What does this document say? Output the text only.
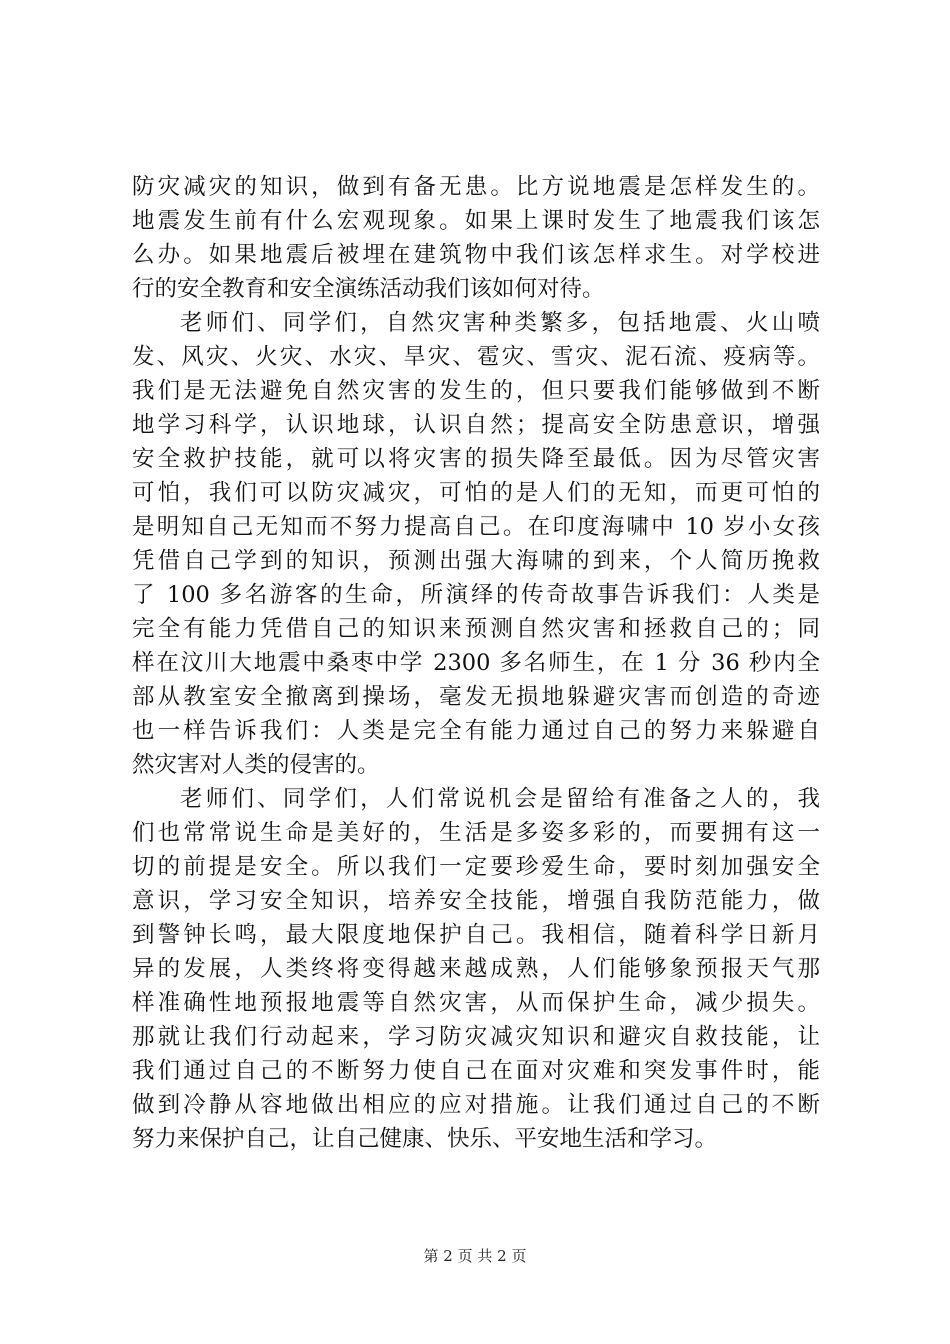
防灾减灾的知识，做到有备无患。比方说地震是怎样发生的。
地震发生前有什么宏观现象。如果上课时发生了地震我们该怎
么办。如果地震后被埋在建筑物中我们该怎样求生。对学校进
行的安全教育和安全演练活动我们该如何对待。
老师们、同学们，自然灾害种类繁多，包括地震、火山喷
发、风灾、火灾、水灾、旱灾、雹灾、雪灾、泥石流、疫病等。
我们是无法避免自然灾害的发生的，但只要我们能够做到不断
地学习科学，认识地球，认识自然；提高安全防患意识，增强
安全救护技能，就可以将灾害的损失降至最低。因为尽管灾害
可怕，我们可以防灾减灾，可怕的是人们的无知，而更可怕的
是明知自己无知而不努力提高自己。在印度海啸中 10 岁小女孩
凭借自己学到的知识，预测出强大海啸的到来，个人简历挽救
了 100 多名游客的生命，所演绎的传奇故事告诉我们：人类是
完全有能力凭借自己的知识来预测自然灾害和拯救自己的；同
样在汶川大地震中桑枣中学 2300 多名师生，在 1 分 36 秒内全
部从教室安全撤离到操场，毫发无损地躲避灾害而创造的奇迹
也一样告诉我们：人类是完全有能力通过自己的努力来躲避自
然灾害对人类的侵害的。
老师们、同学们，人们常说机会是留给有准备之人的，我
们也常常说生命是美好的，生活是多姿多彩的，而要拥有这一
切的前提是安全。所以我们一定要珍爱生命，要时刻加强安全
意识，学习安全知识，培养安全技能，增强自我防范能力，做
到警钟长鸣，最大限度地保护自己。我相信，随着科学日新月
异的发展，人类终将变得越来越成熟，人们能够象预报天气那
样准确性地预报地震等自然灾害，从而保护生命，减少损失。
那就让我们行动起来，学习防灾减灾知识和避灾自救技能，让
我们通过自己的不断努力使自己在面对灾难和突发事件时，能
做到冷静从容地做出相应的应对措施。让我们通过自己的不断
努力来保护自己，让自己健康、快乐、平安地生活和学习。
第 2 页 共 2 页
